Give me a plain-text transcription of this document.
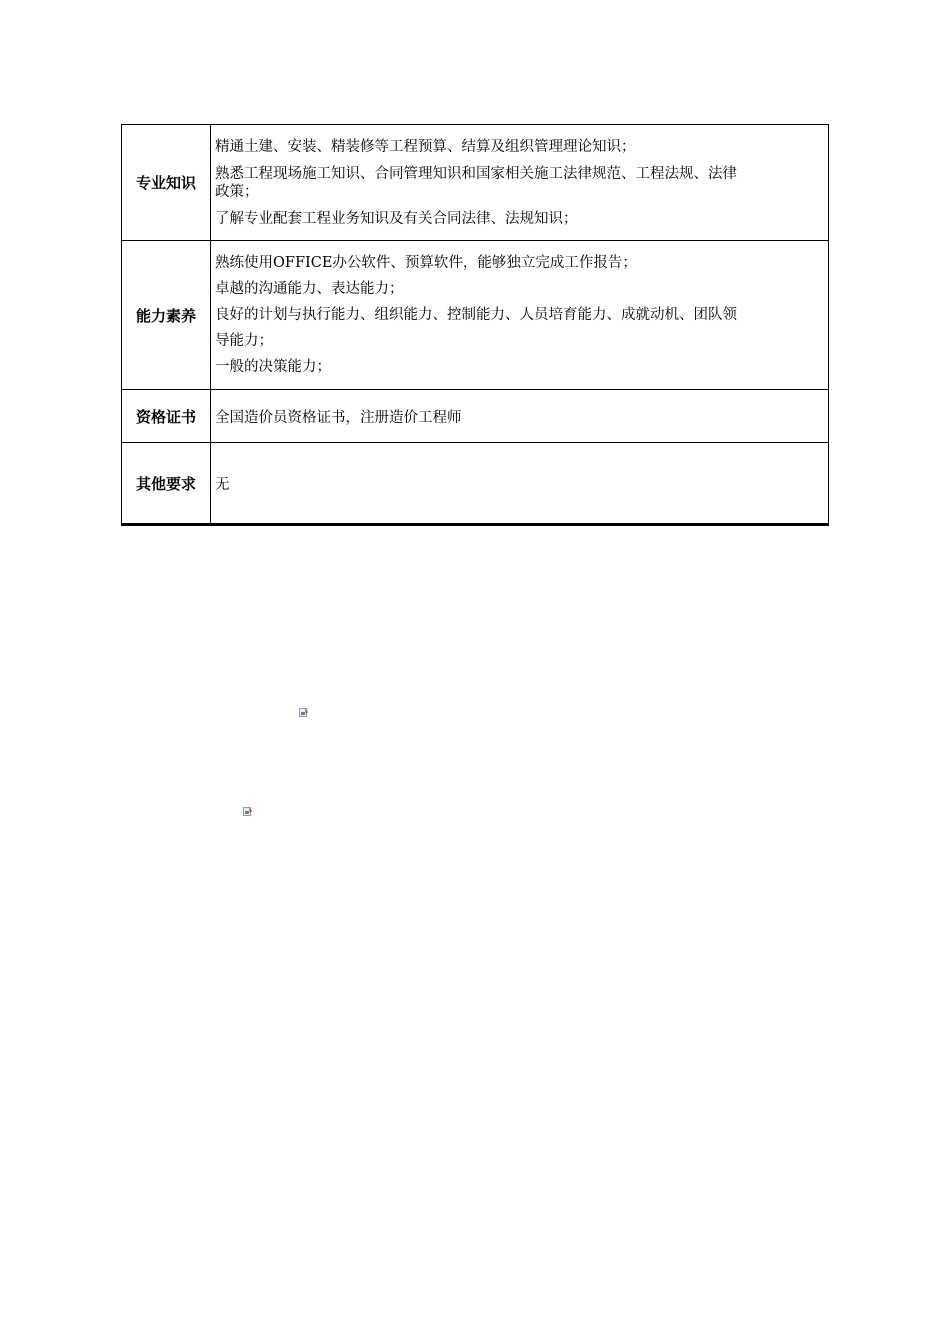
专业知识	精通土建、安装、精装修等工程预算、结算及组织管理理论知识；
熟悉工程现场施工知识、合同管理知识和国家相关施工法律规范、工程法规、法律
政策；
了解专业配套工程业务知识及有关合同法律、法规知识；

能力素养	熟练使用OFFICE办公软件、预算软件，能够独立完成工作报告；
卓越的沟通能力、表达能力；
良好的计划与执行能力、组织能力、控制能力、人员培育能力、成就动机、团队领
导能力；
一般的决策能力；

资格证书	全国造价员资格证书，注册造价工程师
其他要求	无
